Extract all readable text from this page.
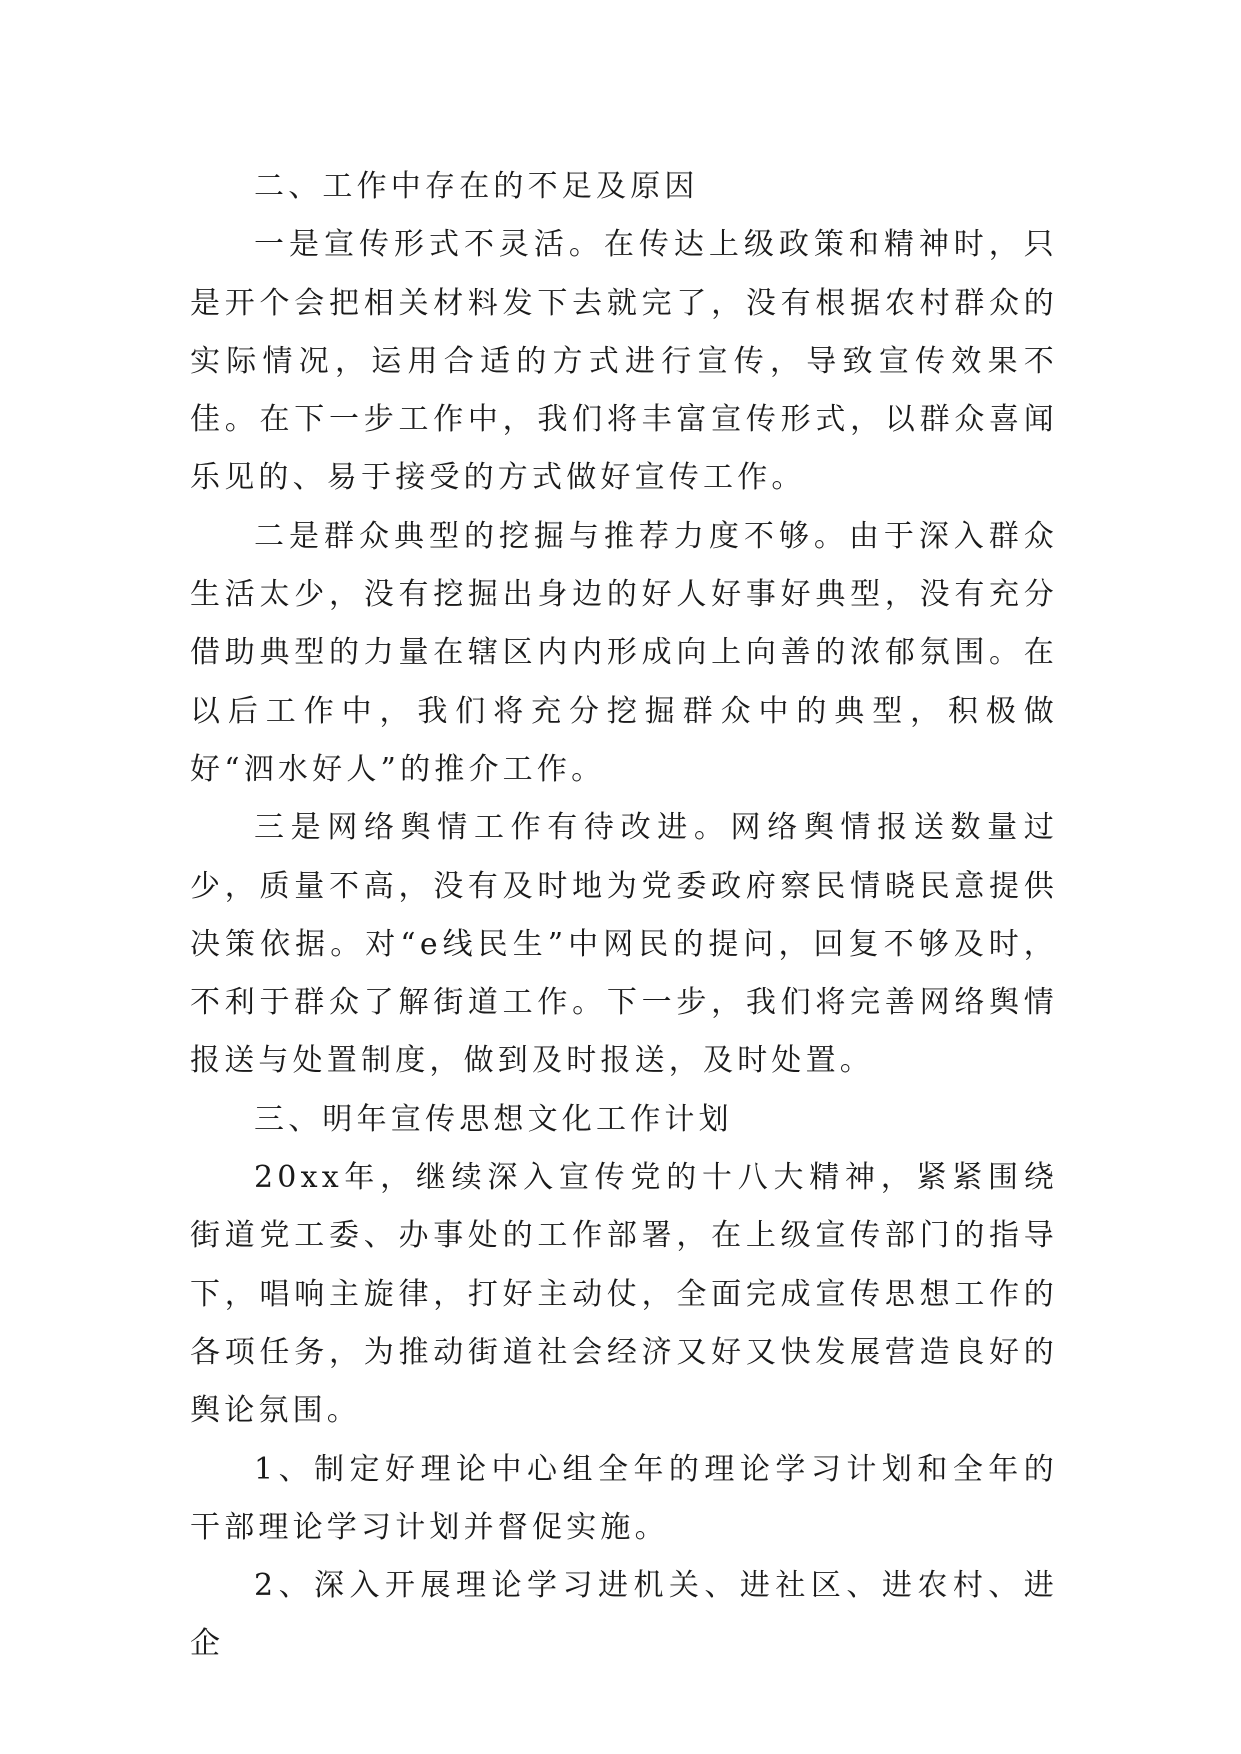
二、工作中存在的不足及原因

一是宣传形式不灵活。在传达上级政策和精神时，只是开个会把相关材料发下去就完了，没有根据农村群众的实际情况，运用合适的方式进行宣传，导致宣传效果不佳。在下一步工作中，我们将丰富宣传形式，以群众喜闻乐见的、易于接受的方式做好宣传工作。

二是群众典型的挖掘与推荐力度不够。由于深入群众生活太少，没有挖掘出身边的好人好事好典型，没有充分借助典型的力量在辖区内内形成向上向善的浓郁氛围。在以后工作中，我们将充分挖掘群众中的典型，积极做好“泗水好人”的推介工作。

三是网络舆情工作有待改进。网络舆情报送数量过少，质量不高，没有及时地为党委政府察民情晓民意提供决策依据。对“e线民生”中网民的提问，回复不够及时，不利于群众了解街道工作。下一步，我们将完善网络舆情报送与处置制度，做到及时报送，及时处置。

三、明年宣传思想文化工作计划

20xx年，继续深入宣传党的十八大精神，紧紧围绕街道党工委、办事处的工作部署，在上级宣传部门的指导下，唱响主旋律，打好主动仗，全面完成宣传思想工作的各项任务，为推动街道社会经济又好又快发展营造良好的舆论氛围。

1、制定好理论中心组全年的理论学习计划和全年的干部理论学习计划并督促实施。

2、深入开展理论学习进机关、进社区、进农村、进企
